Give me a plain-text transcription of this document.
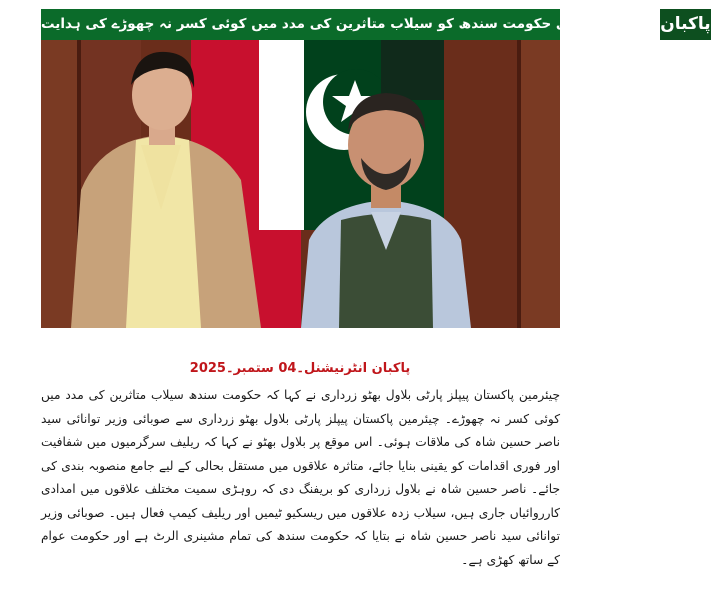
بلاول بھٹو کی حکومت سندھ کو سیلاب متاثرین کی مدد میں کوئی کسر نہ چھوڑے کی ہدایت پاکبان
پاکبان انٹرنیشنل۔04 ستمبر۔2025

چیئرمین پاکستان پیپلز پارٹی بلاول بھٹو زرداری نے کہا کہ حکومت سندھ سیلاب متاثرین کی مدد میں کوئی کسر نہ چھوڑے۔ چیئرمین پاکستان پیپلز پارٹی بلاول بھٹو زرداری سے صوبائی وزیر توانائی سید ناصر حسین شاہ کی ملاقات ہوئی۔ اس موقع پر بلاول بھٹو نے کہا کہ ریلیف سرگرمیوں میں شفافیت اور فوری اقدامات کو یقینی بنایا جائے، متاثرہ علاقوں میں مستقل بحالی کے لیے جامع منصوبہ بندی کی جائے۔ ناصر حسین شاہ نے بلاول زرداری کو بریفنگ دی کہ روہڑی سمیت مختلف علاقوں میں امدادی کارروائیاں جاری ہیں، سیلاب زدہ علاقوں میں ریسکیو ٹیمیں اور ریلیف کیمپ فعال ہیں۔ صوبائی وزیر توانائی سید ناصر حسین شاہ نے بتایا کہ حکومت سندھ کی تمام مشینری الرٹ ہے اور حکومت عوام کے ساتھ کھڑی ہے۔
